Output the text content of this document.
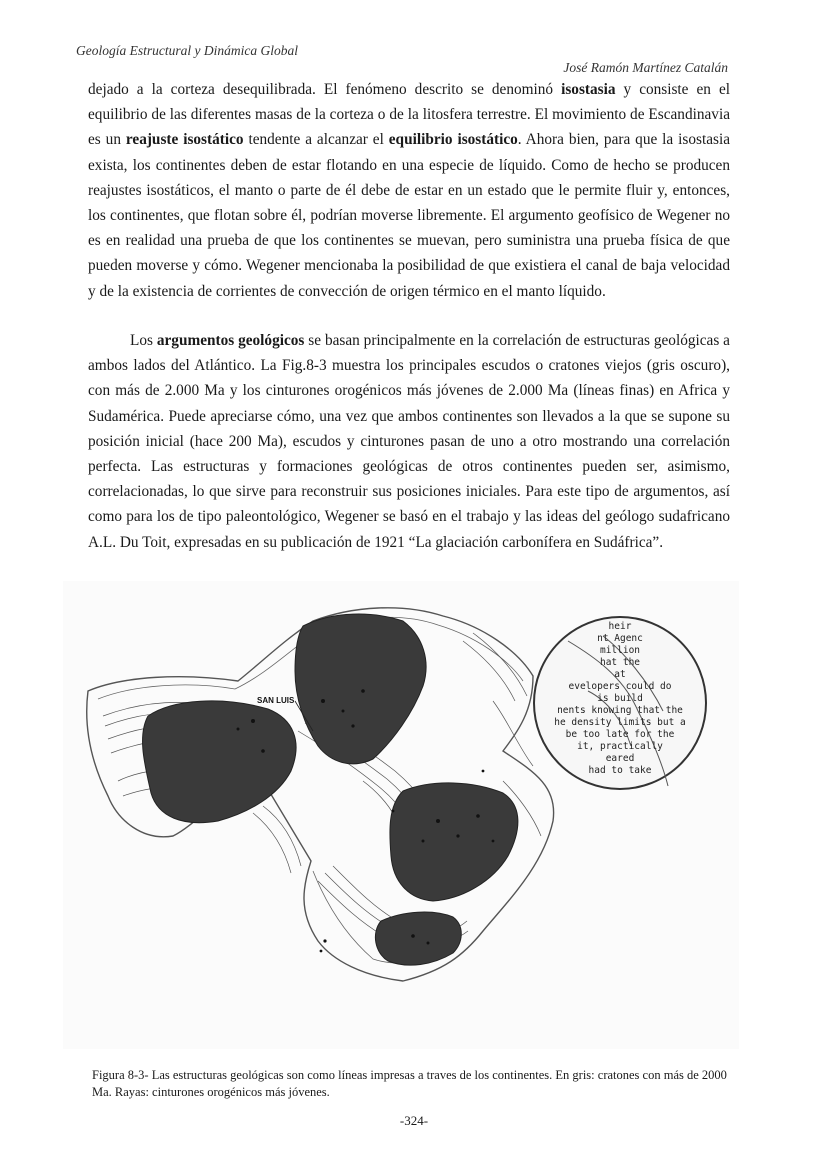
Geología Estructural y Dinámica Global
José Ramón Martínez Catalán

dejado a la corteza desequilibrada. El fenómeno descrito se denominó isostasia y consiste en el equilibrio de las diferentes masas de la corteza o de la litosfera terrestre. El movimiento de Escandinavia es un reajuste isostático tendente a alcanzar el equilibrio isostático. Ahora bien, para que la isostasia exista, los continentes deben de estar flotando en una especie de líquido. Como de hecho se producen reajustes isostáticos, el manto o parte de él debe de estar en un estado que le permite fluir y, entonces, los continentes, que flotan sobre él, podrían moverse libremente. El argumento geofísico de Wegener no es en realidad una prueba de que los continentes se muevan, pero suministra una prueba física de que pueden moverse y cómo. Wegener mencionaba la posibilidad de que existiera el canal de baja velocidad y de la existencia de corrientes de convección de origen térmico en el manto líquido.

Los argumentos geológicos se basan principalmente en la correlación de estructuras geológicas a ambos lados del Atlántico. La Fig.8-3 muestra los principales escudos o cratones viejos (gris oscuro), con más de 2.000 Ma y los cinturones orogénicos más jóvenes de 2.000 Ma (líneas finas) en Africa y Sudamérica. Puede apreciarse cómo, una vez que ambos continentes son llevados a la que se supone su posición inicial (hace 200 Ma), escudos y cinturones pasan de uno a otro mostrando una correlación perfecta. Las estructuras y formaciones geológicas de otros continentes pueden ser, asimismo, correlacionadas, lo que sirve para reconstruir sus posiciones iniciales. Para este tipo de argumentos, así como para los de tipo paleontológico, Wegener se basó en el trabajo y las ideas del geólogo sudafricano A.L. Du Toit, expresadas en su publicación de 1921 “La glaciación carbonífera en Sudáfrica”.

SAN LUIS
heir
nt Agenc
million
hat the
at
evelopers could do
is build
nents knowing that the
he density limits but a
be too late for the
it, practically
eared
had to take
Figura 8-3- Las estructuras geológicas son como líneas impresas a traves de los continentes. En gris: cratones con más de 2000 Ma. Rayas: cinturones orogénicos más jóvenes.
-324-
